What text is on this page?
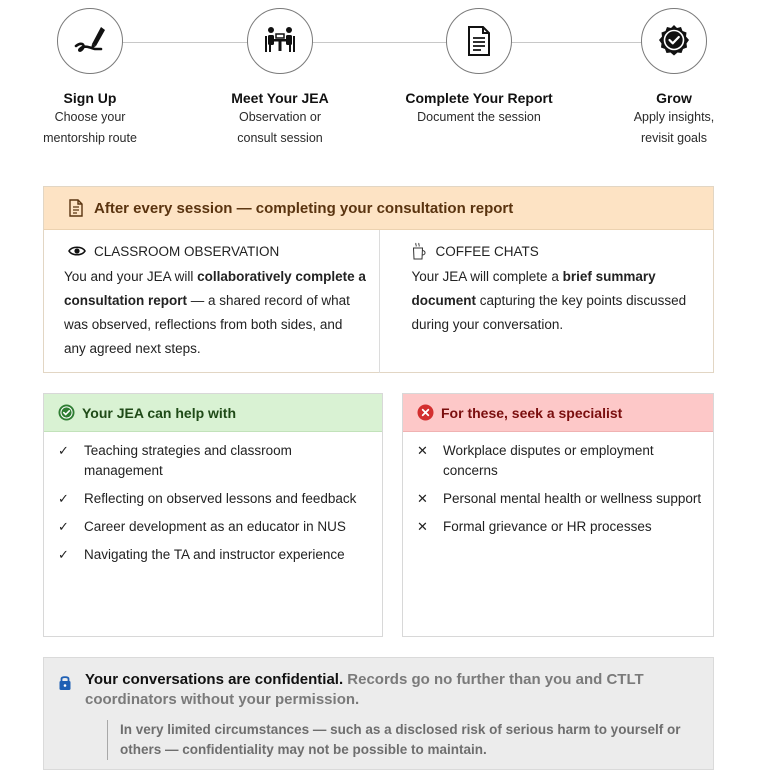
Sign Up
Choose your
mentorship route
Meet Your JEA
Observation or
consult session
Complete Your Report
Document the session
Grow
Apply insights,
revisit goals
After every session — completing your consultation report
CLASSROOM OBSERVATION
You and your JEA will collaboratively complete a consultation report — a shared record of what was observed, reflections from both sides, and any agreed next steps.
COFFEE CHATS
Your JEA will complete a brief summary document capturing the key points discussed during your conversation.
Your JEA can help with
✓	Teaching strategies and classroom management
✓	Reflecting on observed lessons and feedback
✓	Career development as an educator in NUS
✓	Navigating the TA and instructor experience
For these, seek a specialist
✕	Workplace disputes or employment concerns
✕	Personal mental health or wellness support
✕	Formal grievance or HR processes
Your conversations are confidential. Records go no further than you and CTLT coordinators without your permission.
In very limited circumstances — such as a disclosed risk of serious harm to yourself or others — confidentiality may not be possible to maintain.
